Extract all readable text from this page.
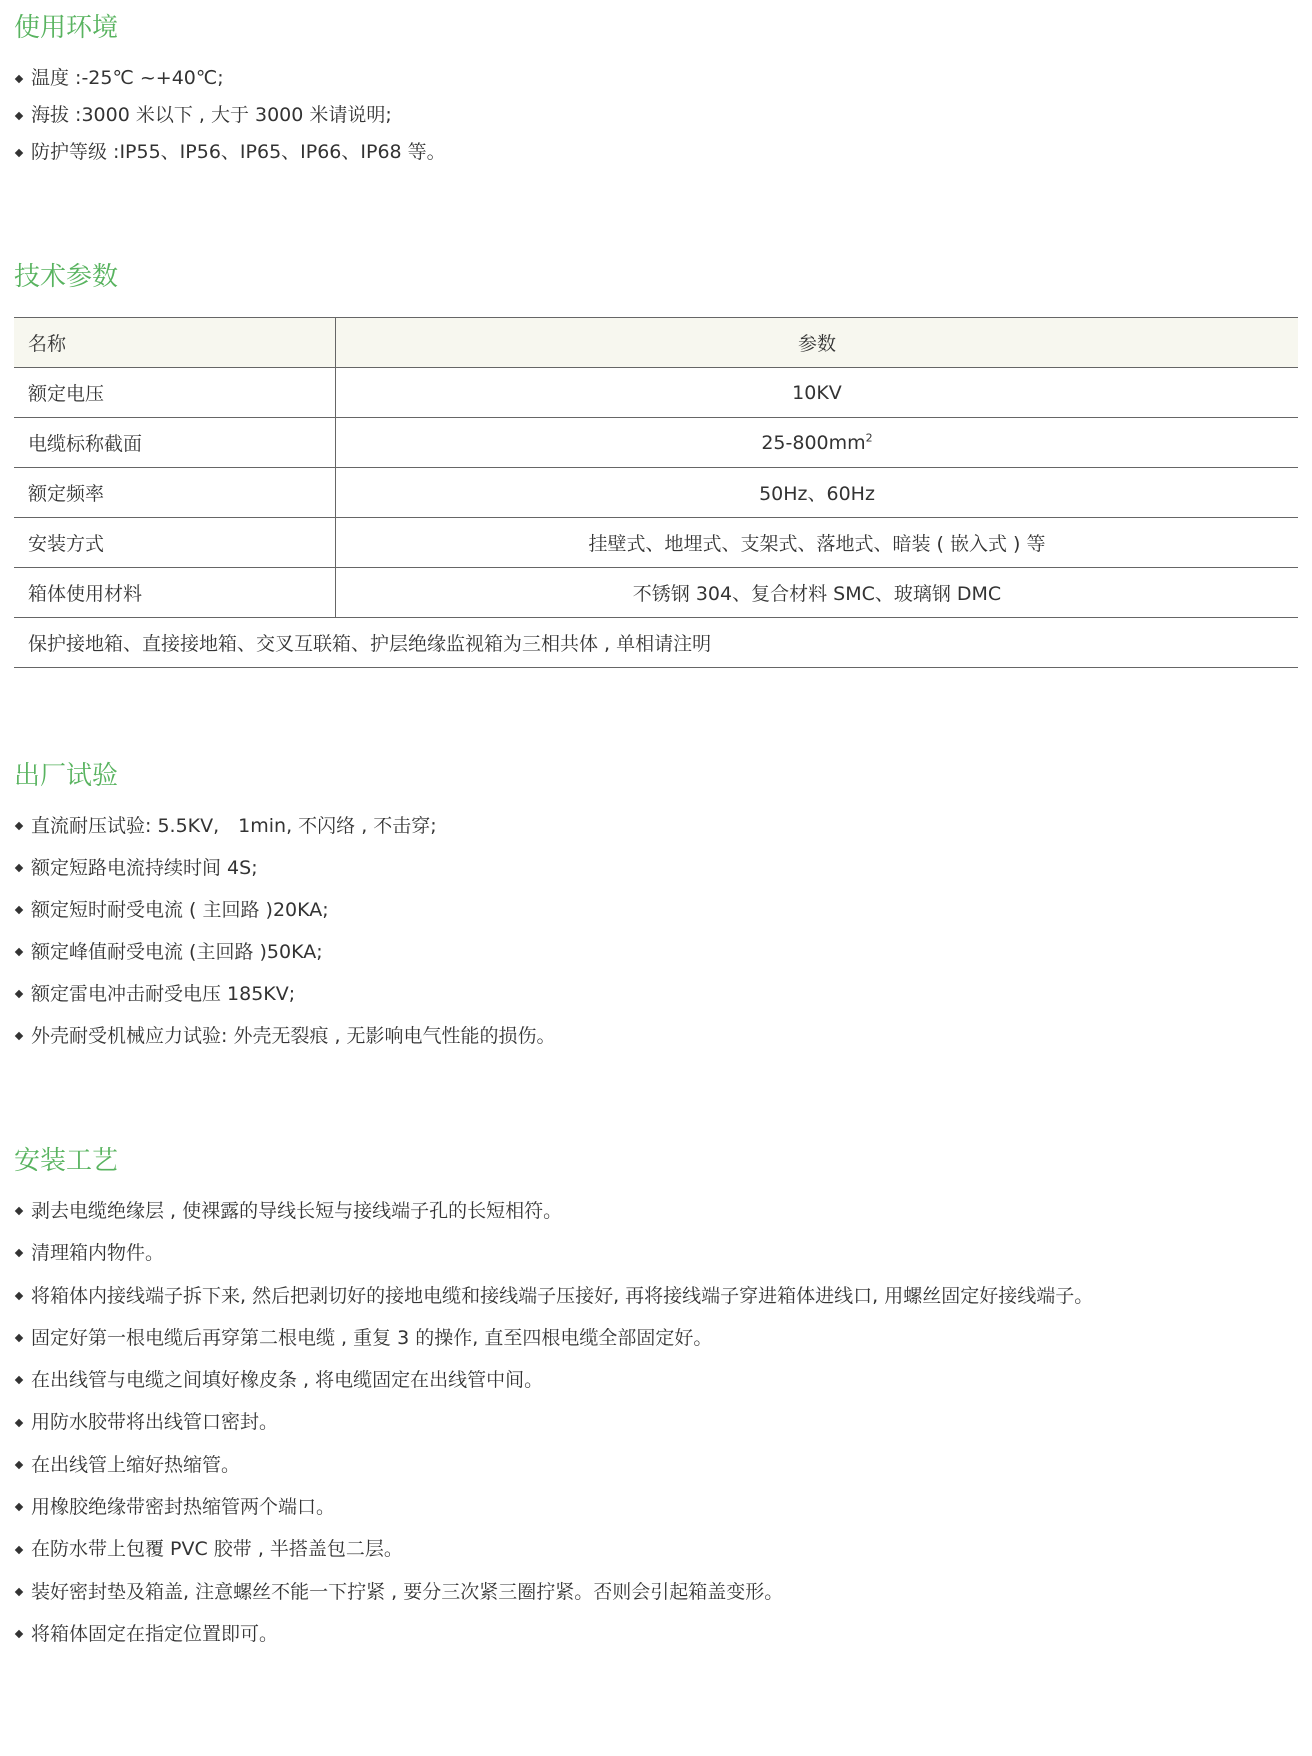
使用环境
温度 :-25℃ ~+40℃;
海拔 :3000 米以下 , 大于 3000 米请说明;
防护等级 :IP55、IP56、IP65、IP66、IP68 等。
技术参数
名称	参数
额定电压	10KV
电缆标称截面	$25-800mm^2$
额定频率	50Hz、60Hz
安装方式	挂壁式、地埋式、支架式、落地式、暗装 ( 嵌入式 ) 等
箱体使用材料	不锈钢 304、复合材料 SMC、玻璃钢 DMC
保护接地箱、直接接地箱、交叉互联箱、护层绝缘监视箱为三相共体 , 单相请注明	
出厂试验
直流耐压试验: 5.5KV,　1min, 不闪络 , 不击穿;
额定短路电流持续时间 4S;
额定短时耐受电流 ( 主回路 )20KA;
额定峰值耐受电流 (主回路 )50KA;
额定雷电冲击耐受电压 185KV;
外壳耐受机械应力试验: 外壳无裂痕 , 无影响电气性能的损伤。
安装工艺
剥去电缆绝缘层 , 使裸露的导线长短与接线端子孔的长短相符。
清理箱内物件。
将箱体内接线端子拆下来, 然后把剥切好的接地电缆和接线端子压接好, 再将接线端子穿进箱体进线口, 用螺丝固定好接线端子。
固定好第一根电缆后再穿第二根电缆 , 重复 3 的操作, 直至四根电缆全部固定好。
在出线管与电缆之间填好橡皮条 , 将电缆固定在出线管中间。
用防水胶带将出线管口密封。
在出线管上缩好热缩管。
用橡胶绝缘带密封热缩管两个端口。
在防水带上包覆 PVC 胶带 , 半搭盖包二层。
装好密封垫及箱盖, 注意螺丝不能一下拧紧 , 要分三次紧三圈拧紧。否则会引起箱盖变形。
将箱体固定在指定位置即可。
